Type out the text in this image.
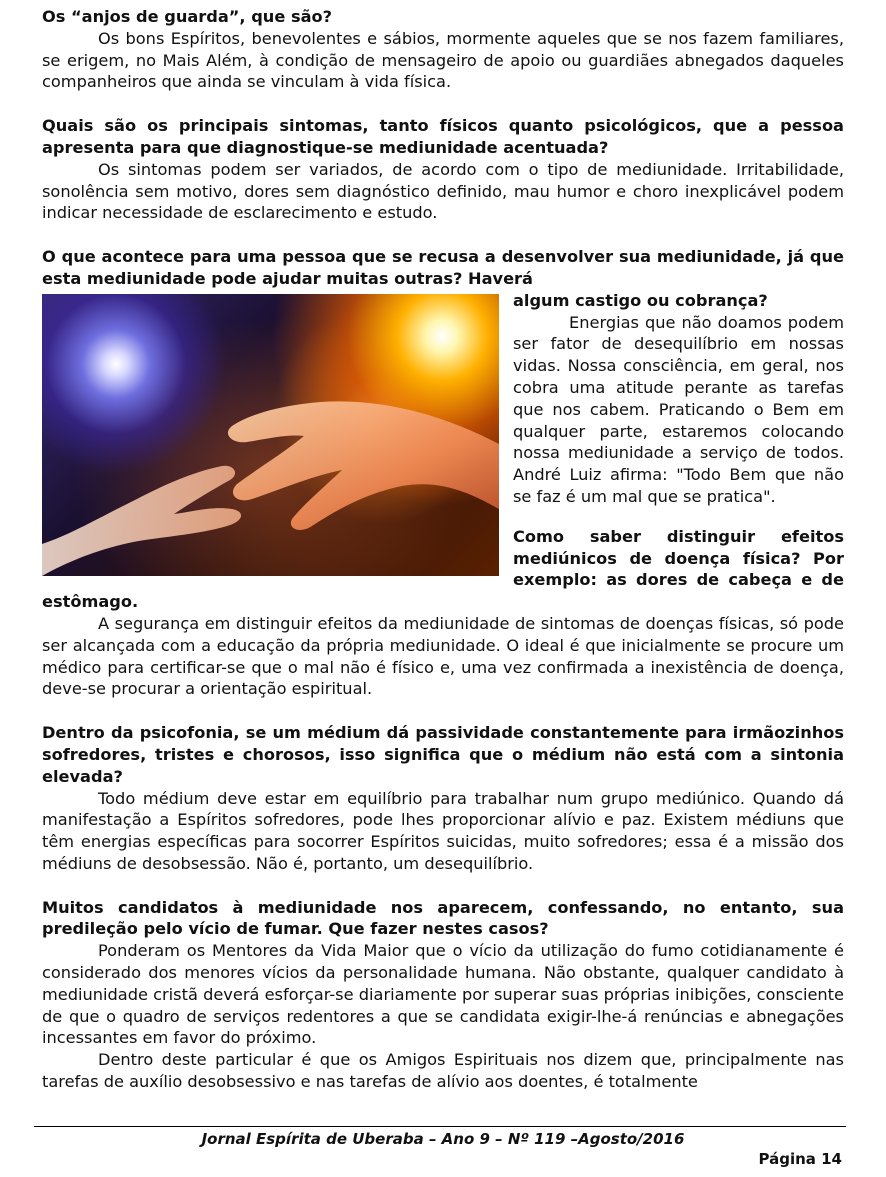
Os “anjos de guarda”, que são?

Os bons Espíritos, benevolentes e sábios, mormente aqueles que se nos fazem familiares, se erigem, no Mais Além, à condição de mensageiro de apoio ou guardiães abnegados daqueles companheiros que ainda se vinculam à vida física.

Quais são os principais sintomas, tanto físicos quanto psicológicos, que a pessoa apresenta para que diagnostique-se mediunidade acentuada?

Os sintomas podem ser variados, de acordo com o tipo de mediunidade. Irritabilidade, sonolência sem motivo, dores sem diagnóstico definido, mau humor e choro inexplicável podem indicar necessidade de esclarecimento e estudo.

O que acontece para uma pessoa que se recusa a desenvolver sua mediunidade, já que esta mediunidade pode ajudar muitas outras? Haverá

algum castigo ou cobrança?

Energias que não doamos podem ser fator de desequilíbrio em nossas vidas. Nossa consciência, em geral, nos cobra uma atitude perante as tarefas que nos cabem. Praticando o Bem em qualquer parte, estaremos colocando nossa mediunidade a serviço de todos. André Luiz afirma: "Todo Bem que não se faz é um mal que se pratica".

Como saber distinguir efeitos mediúnicos de doença física? Por exemplo: as dores de cabeça e de estômago.

A segurança em distinguir efeitos da mediunidade de sintomas de doenças físicas, só pode ser alcançada com a educação da própria mediunidade. O ideal é que inicialmente se procure um médico para certificar-se que o mal não é físico e, uma vez confirmada a inexistência de doença, deve-se procurar a orientação espiritual.

Dentro da psicofonia, se um médium dá passividade constantemente para irmãozinhos sofredores, tristes e chorosos, isso significa que o médium não está com a sintonia elevada?

Todo médium deve estar em equilíbrio para trabalhar num grupo mediúnico. Quando dá manifestação a Espíritos sofredores, pode lhes proporcionar alívio e paz. Existem médiuns que têm energias específicas para socorrer Espíritos suicidas, muito sofredores; essa é a missão dos médiuns de desobsessão. Não é, portanto, um desequilíbrio.

Muitos candidatos à mediunidade nos aparecem, confessando, no entanto, sua predileção pelo vício de fumar. Que fazer nestes casos?

Ponderam os Mentores da Vida Maior que o vício da utilização do fumo cotidianamente é considerado dos menores vícios da personalidade humana. Não obstante, qualquer candidato à mediunidade cristã deverá esforçar-se diariamente por superar suas próprias inibições, consciente de que o quadro de serviços redentores a que se candidata exigir-lhe-á renúncias e abnegações incessantes em favor do próximo.

Dentro deste particular é que os Amigos Espirituais nos dizem que, principalmente nas tarefas de auxílio desobsessivo e nas tarefas de alívio aos doentes, é totalmente

Jornal Espírita de Uberaba – Ano 9 – Nº 119 –Agosto/2016
Página 14
